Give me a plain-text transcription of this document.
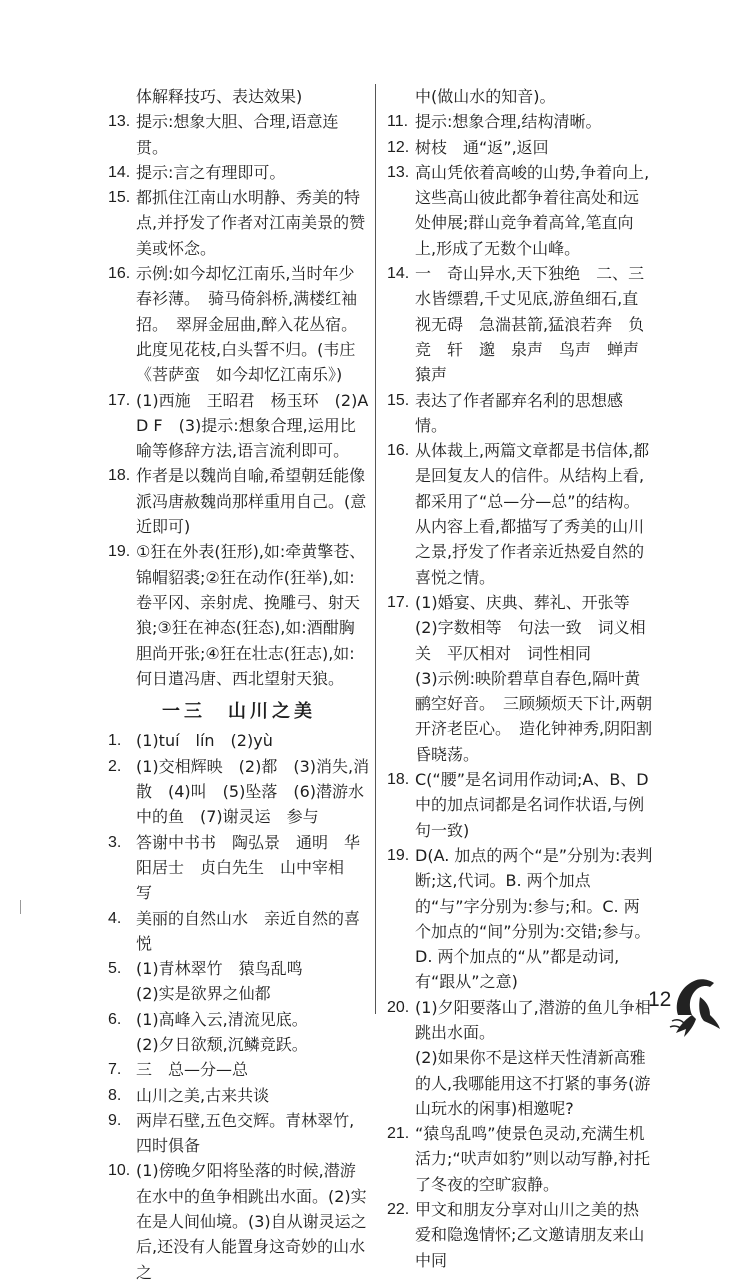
体解释技巧、表达效果)
13. 提示:想象大胆、合理,语意连贯。
14. 提示:言之有理即可。
15. 都抓住江南山水明静、秀美的特点,并抒发了作者对江南美景的赞美或怀念。
16. 示例:如今却忆江南乐,当时年少春衫薄。　骑马倚斜桥,满楼红袖招。　翠屏金屈曲,醉入花丛宿。此度见花枝,白头誓不归。(韦庄《菩萨蛮　如今却忆江南乐》)
17. (1)西施　王昭君　杨玉环　(2)A D F　(3)提示:想象合理,运用比喻等修辞方法,语言流利即可。
18. 作者是以魏尚自喻,希望朝廷能像派冯唐赦魏尚那样重用自己。(意近即可)
19. ①狂在外表(狂形),如:牵黄擎苍、锦帽貂裘;②狂在动作(狂举),如:卷平冈、亲射虎、挽雕弓、射天狼;③狂在神态(狂态),如:酒酣胸胆尚开张;④狂在壮志(狂志),如:何日遣冯唐、西北望射天狼。
一三　山川之美
1. (1)tuí　lín　(2)yù
2. (1)交相辉映　(2)都　(3)消失,消散　(4)叫　(5)坠落　(6)潜游水中的鱼　(7)谢灵运　参与
3. 答谢中书书　陶弘景　通明　华阳居士　贞白先生　山中宰相　写
4. 美丽的自然山水　亲近自然的喜悦
5. (1)青林翠竹　猿鸟乱鸣
(2)实是欲界之仙都
6. (1)高峰入云,清流见底。
(2)夕日欲颓,沉鳞竞跃。
7. 三　总—分—总
8. 山川之美,古来共谈
9. 两岸石壁,五色交辉。青林翠竹,四时俱备
10. (1)傍晚夕阳将坠落的时候,潜游在水中的鱼争相跳出水面。(2)实在是人间仙境。(3)自从谢灵运之后,还没有人能置身这奇妙的山水之
中(做山水的知音)。
11. 提示:想象合理,结构清晰。
12. 树枝　通“返”,返回
13. 高山凭依着高峻的山势,争着向上,这些高山彼此都争着往高处和远处伸展;群山竞争着高耸,笔直向上,形成了无数个山峰。
14. 一　奇山异水,天下独绝　二、三　水皆缥碧,千丈见底,游鱼细石,直视无碍　急湍甚箭,猛浪若奔　负　竞　轩　邈　泉声　鸟声　蝉声　猿声
15. 表达了作者鄙弃名利的思想感情。
16. 从体裁上,两篇文章都是书信体,都是回复友人的信件。从结构上看,都采用了“总—分—总”的结构。从内容上看,都描写了秀美的山川之景,抒发了作者亲近热爱自然的喜悦之情。
17. (1)婚宴、庆典、葬礼、开张等
(2)字数相等　句法一致　词义相关　平仄相对　词性相同
(3)示例:映阶碧草自春色,隔叶黄鹂空好音。　三顾频烦天下计,两朝开济老臣心。　造化钟神秀,阴阳割昏晓荡。
18. C(“腰”是名词用作动词;A、B、D中的加点词都是名词作状语,与例句一致)
19. D(A. 加点的两个“是”分别为:表判断;这,代词。B. 两个加点的“与”字分别为:参与;和。C. 两个加点的“间”分别为:交错;参与。D. 两个加点的“从”都是动词,有“跟从”之意)
20. (1)夕阳要落山了,潜游的鱼儿争相跳出水面。
(2)如果你不是这样天性清新高雅的人,我哪能用这不打紧的事务(游山玩水的闲事)相邀呢?
21. “猿鸟乱鸣”使景色灵动,充满生机活力;“吠声如豹”则以动写静,衬托了冬夜的空旷寂静。
22. 甲文和朋友分享对山川之美的热爱和隐逸情怀;乙文邀请朋友来山中同
12
